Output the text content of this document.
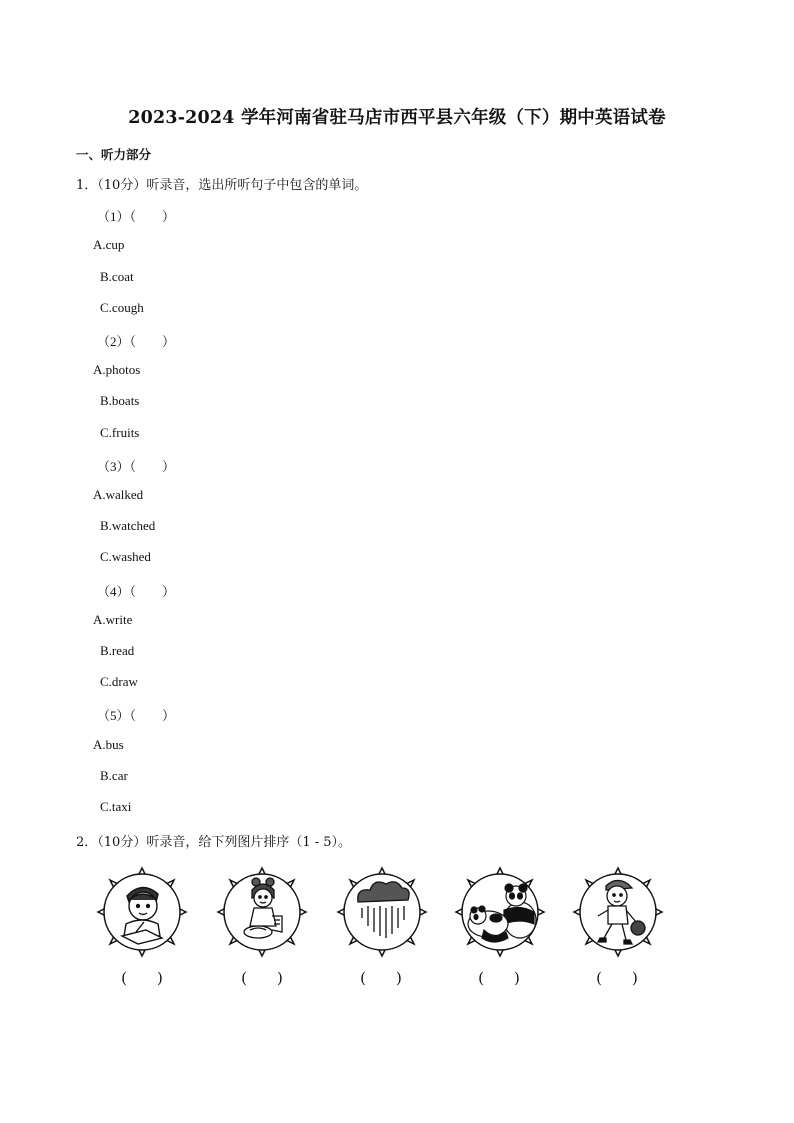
2023-2024 学年河南省驻马店市西平县六年级（下）期中英语试卷
一、听力部分
1．（10分）听录音，选出所听句子中包含的单词。
（1）（　　）
A.cup
B.coat
C.cough
（2）（　　）
A.photos
B.boats
C.fruits
（3）（　　）
A.walked
B.watched
C.washed
（4）（　　）
A.write
B.read
C.draw
（5）（　　）
A.bus
B.car
C.taxi
2．（10分）听录音，给下列图片排序（1 - 5）。
(　　)	(　　)	(　　)	(　　)	(　　)
